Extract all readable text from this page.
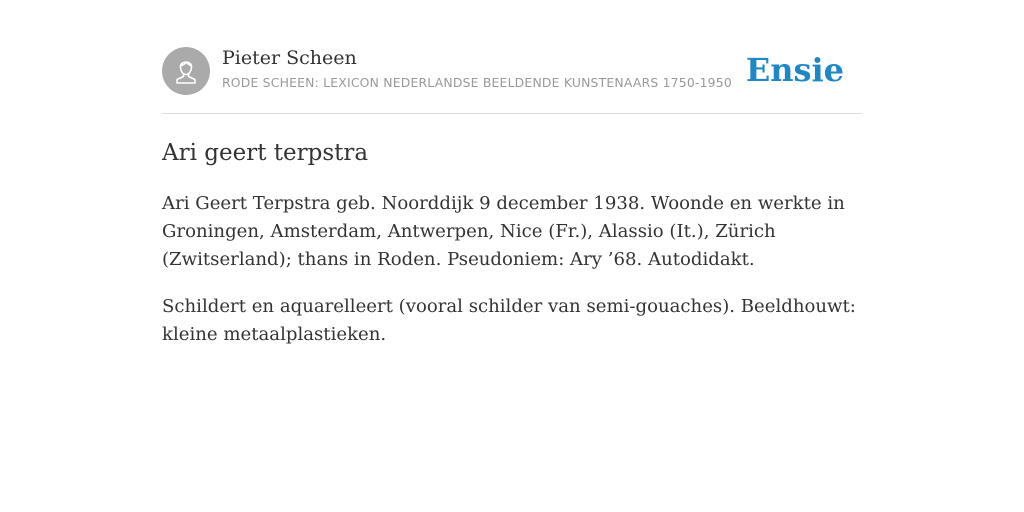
Pieter Scheen
RODE SCHEEN: LEXICON NEDERLANDSE BEELDENDE KUNSTENAARS 1750-1950 Ensie
Ari geert terpstra

Ari Geert Terpstra geb. Noorddijk 9 december 1938. Woonde en werkte in Groningen, Amsterdam, Antwerpen, Nice (Fr.), Alassio (It.), Zürich (Zwitserland); thans in Roden. Pseudoniem: Ary ’68. Autodidakt.

Schildert en aquarelleert (vooral schilder van semi-gouaches). Beeldhouwt: kleine metaalplastieken.
